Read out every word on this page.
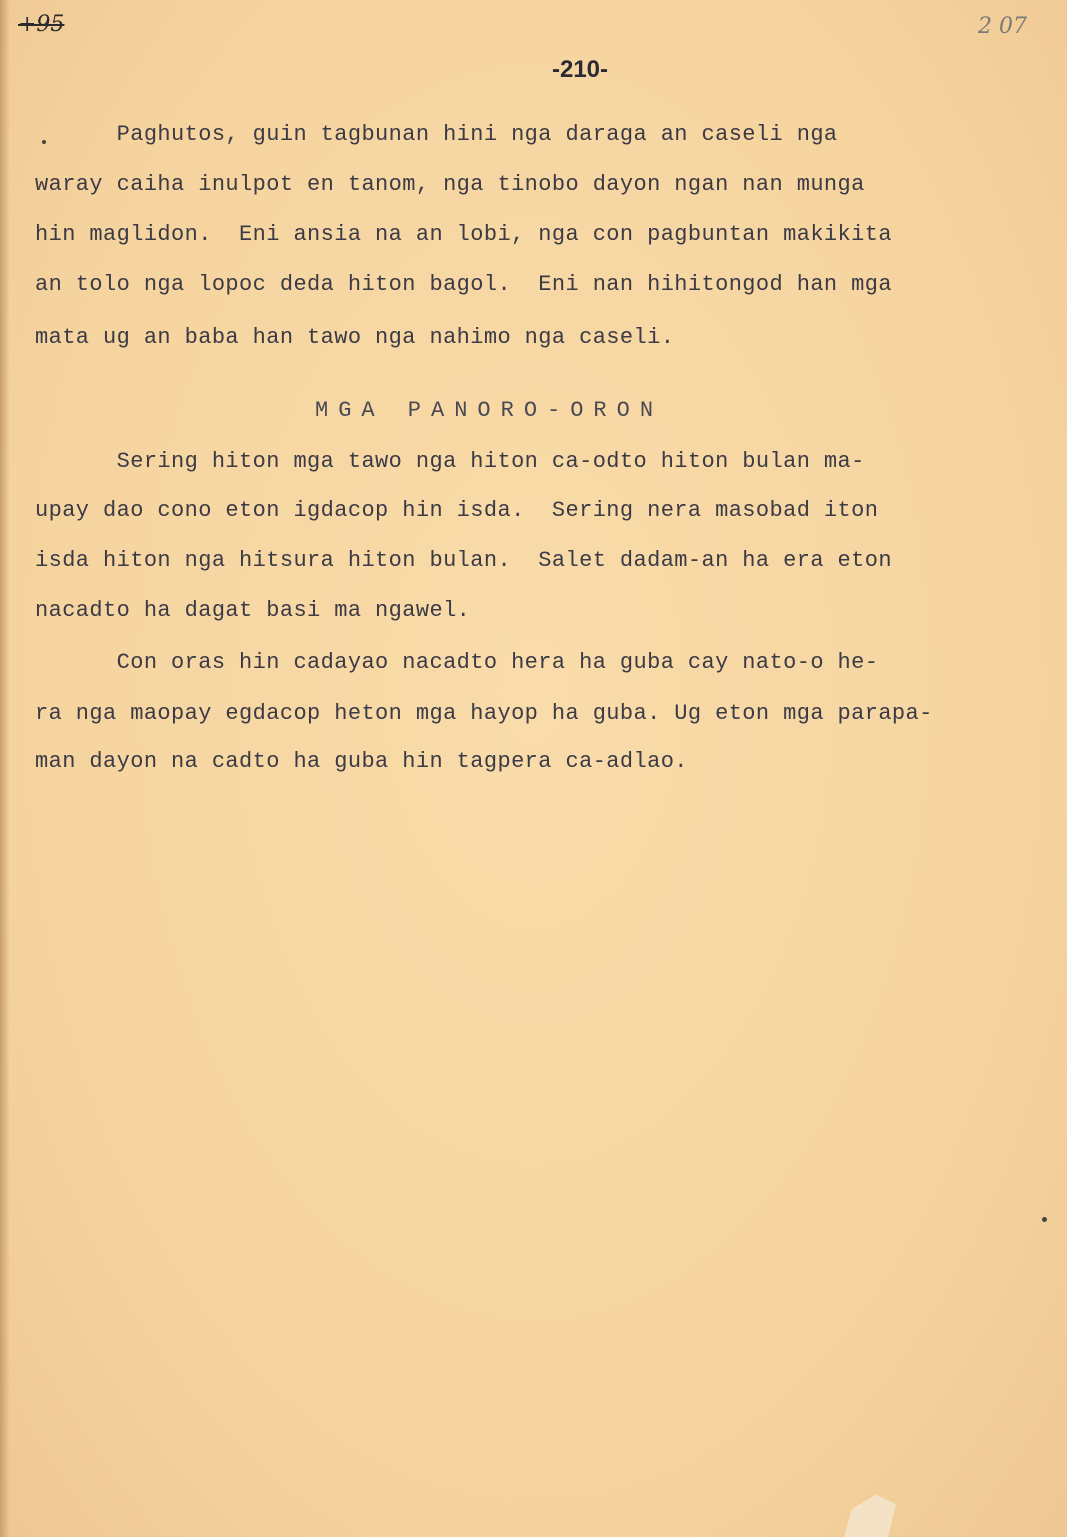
+95	2 07
-210-
Paghutos, guin tagbunan hini nga daraga an caseli nga
waray caiha inulpot en tanom, nga tinobo dayon ngan nan munga
hin maglidon.  Eni ansia na an lobi, nga con pagbuntan makikita
an tolo nga lopoc deda hiton bagol.  Eni nan hihitongod han mga
mata ug an baba han tawo nga nahimo nga caseli.
MGA PANORO-ORON
Sering hiton mga tawo nga hiton ca-odto hiton bulan ma-
upay dao cono eton igdacop hin isda.  Sering nera masobad iton
isda hiton nga hitsura hiton bulan.  Salet dadam-an ha era eton
nacadto ha dagat basi ma ngawel.
Con oras hin cadayao nacadto hera ha guba cay nato-o he-
ra nga maopay egdacop heton mga hayop ha guba. Ug eton mga parapa-
man dayon na cadto ha guba hin tagpera ca-adlao.
